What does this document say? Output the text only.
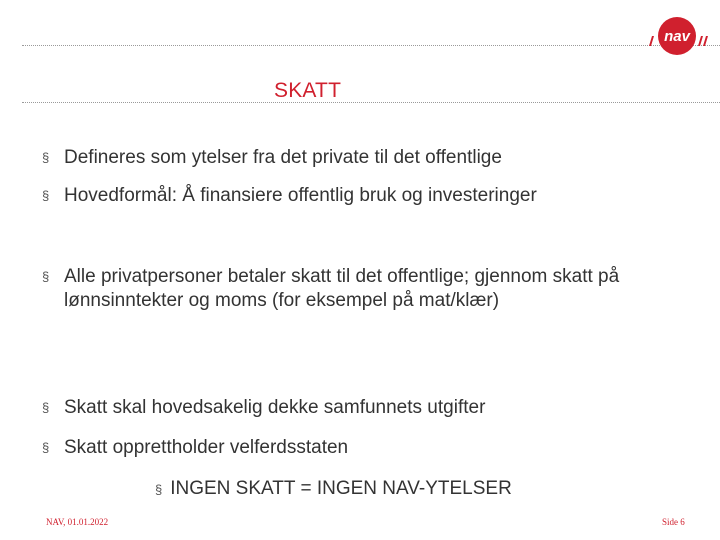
nav
SKATT
§ Defineres som ytelser fra det private til det offentlige
§ Hovedformål: Å finansiere offentlig bruk og investeringer
§ Alle privatpersoner betaler skatt til det offentlige; gjennom skatt på lønnsinntekter og moms (for eksempel på mat/klær)
§ Skatt skal hovedsakelig dekke samfunnets utgifter
§ Skatt opprettholder velferdsstaten
§ INGEN SKATT = INGEN NAV-YTELSER
NAV, 01.01.2022	Side 6
